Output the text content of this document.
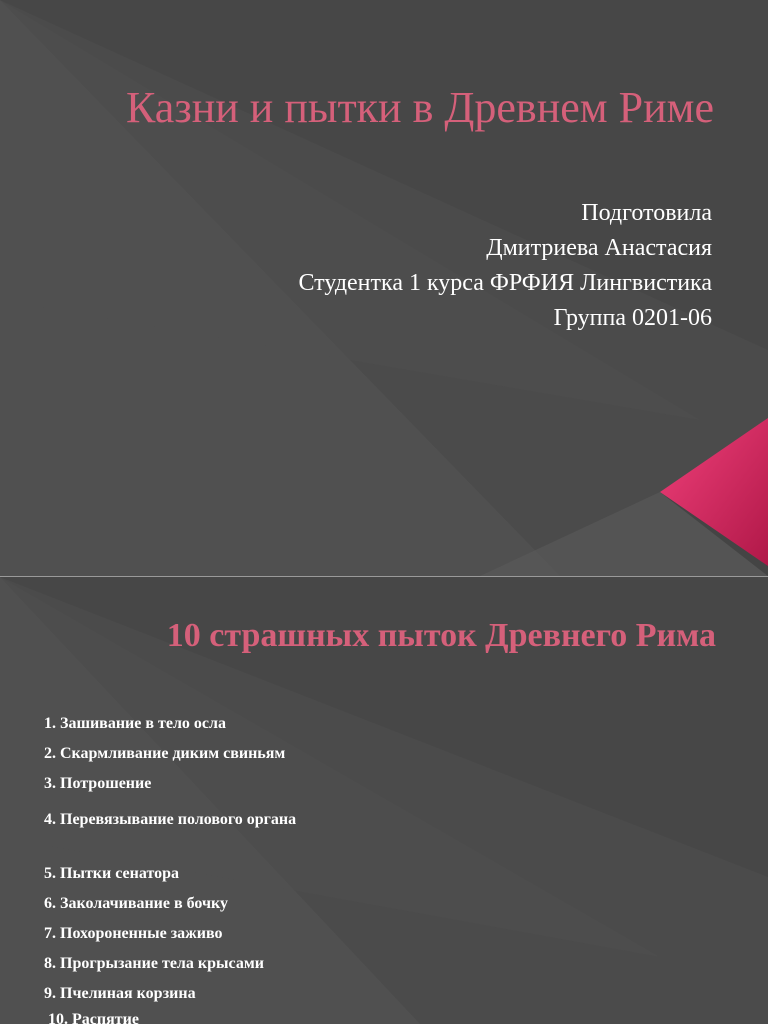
Казни и пытки в Древнем Риме
Подготовила
Дмитриева Анастасия
Студентка 1 курса ФРФИЯ Лингвистика
Группа 0201-06
10 страшных пыток Древнего Рима
1. Зашивание в тело осла
2. Скармливание диким свиньям
3. Потрошение
4. Перевязывание полового органа
5. Пытки сенатора
6. Заколачивание в бочку
7. Похороненные заживо
8. Прогрызание тела крысами
9. Пчелиная корзина
10. Распятие
